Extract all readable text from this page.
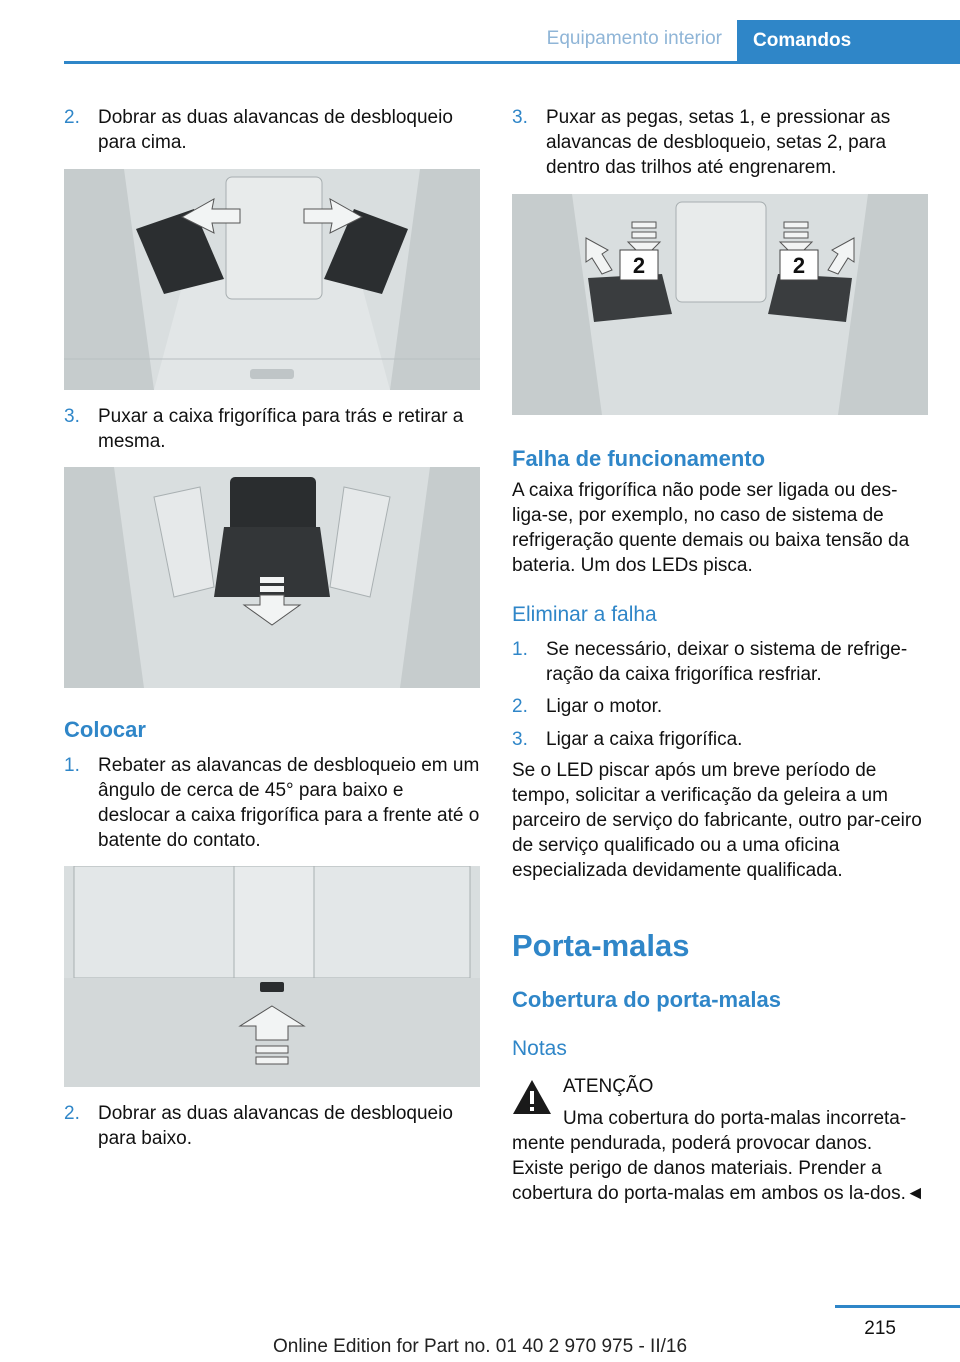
Equipamento interior	Comandos
2. Dobrar as duas alavancas de desbloqueio para cima.
3. Puxar a caixa frigorífica para trás e retirar a mesma.
Colocar
1. Rebater as alavancas de desbloqueio em um ângulo de cerca de 45° para baixo e deslocar a caixa frigorífica para a frente até o batente do contato.
2. Dobrar as duas alavancas de desbloqueio para baixo.
3. Puxar as pegas, setas 1, e pressionar as alavancas de desbloqueio, setas 2, para dentro das trilhos até engrenarem.
2	2
Falha de funcionamento
A caixa frigorífica não pode ser ligada ou des‐liga-se, por exemplo, no caso de sistema de refrigeração quente demais ou baixa tensão da bateria. Um dos LEDs pisca.
Eliminar a falha
1. Se necessário, deixar o sistema de refrige‐ração da caixa frigorífica resfriar.
2. Ligar o motor.
3. Ligar a caixa frigorífica.
Se o LED piscar após um breve período de tempo, solicitar a verificação da geleira a um parceiro de serviço do fabricante, outro par‐ceiro de serviço qualificado ou a uma oficina especializada devidamente qualificada.
Porta-malas
Cobertura do porta-malas
Notas
ATENÇÃO
Uma cobertura do porta-malas incorreta‐mente pendurada, poderá provocar danos. Existe perigo de danos materiais. Prender a cobertura do porta-malas em ambos os la‐dos.◄
215
Online Edition for Part no. 01 40 2 970 975 - II/16
